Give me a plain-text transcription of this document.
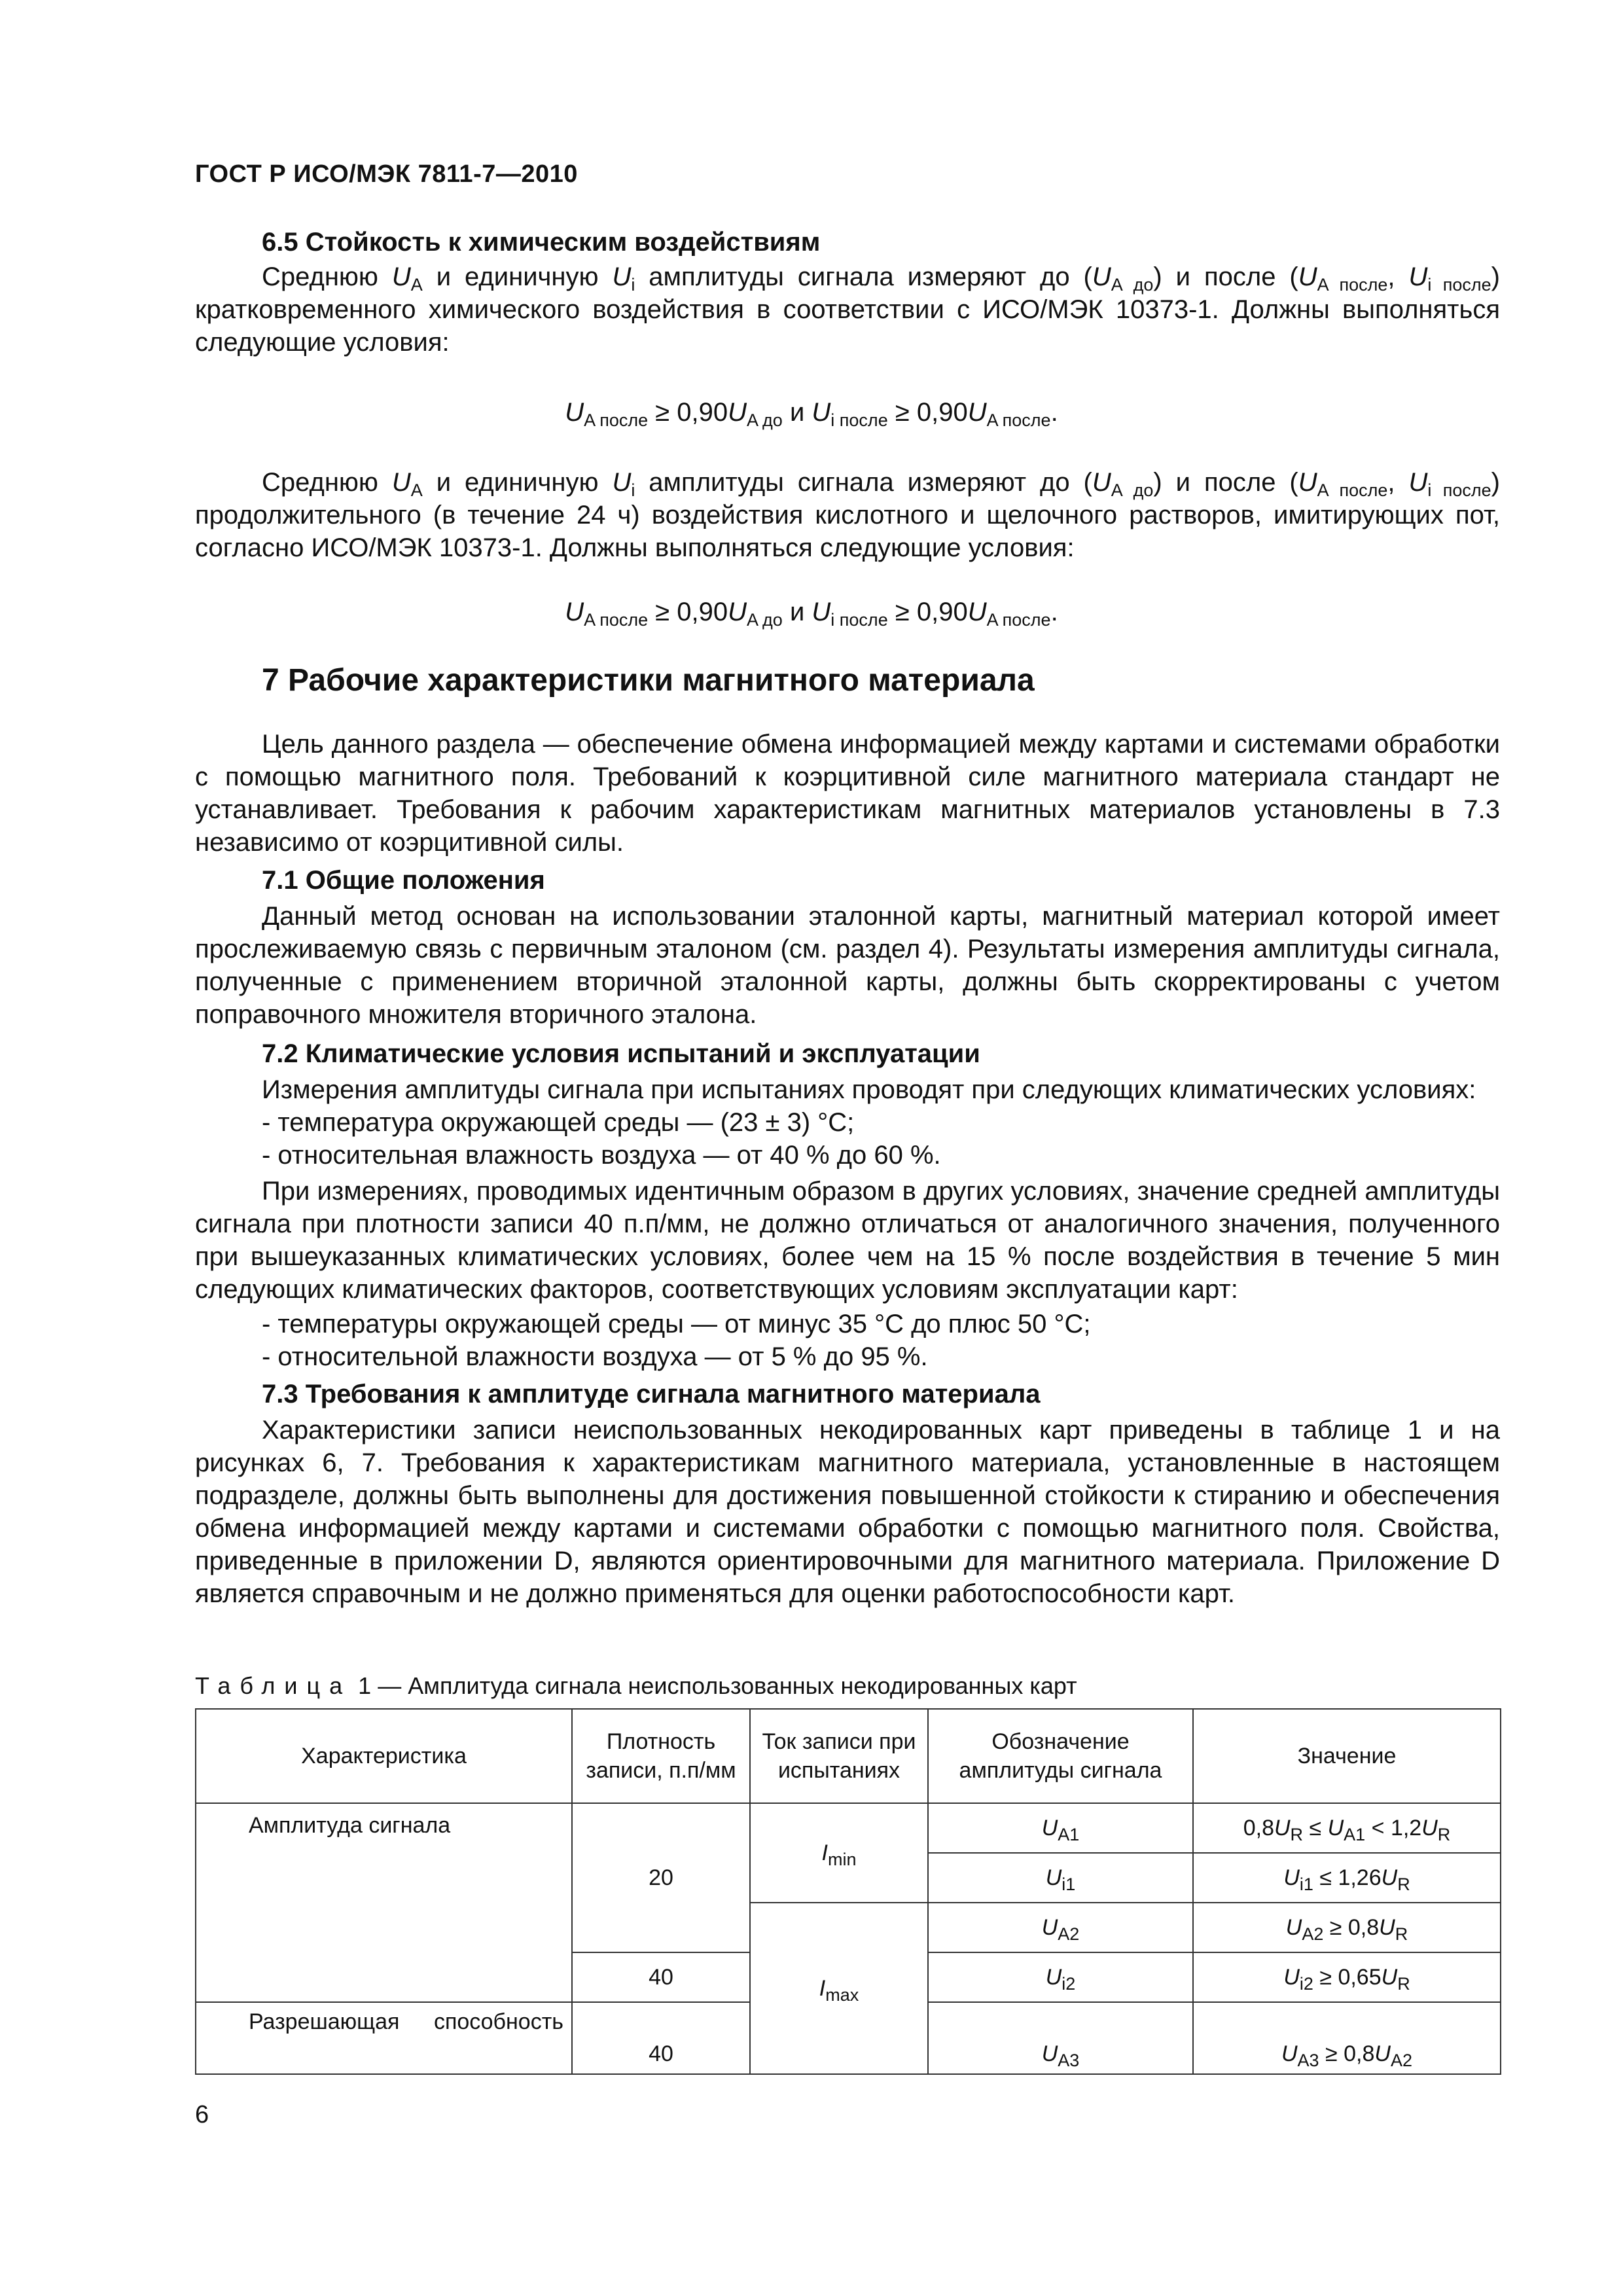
ГОСТ Р ИСО/МЭК 7811-7—2010
6.5 Стойкость к химическим воздействиям
Среднюю $U_A$ и единичную $U_i$ амплитуды сигнала измеряют до $(U_{A до})$ и после ($U_{A после}$, $U_{i после}$) кратковременного химического воздействия в соответствии с ИСО/МЭК 10373-1. Должны выполняться следующие условия:
$U_{A после} \ge 0,90U_{A до}$ и $U_{i после} \ge 0,90U_{A после}$.
Среднюю $U_A$ и единичную $U_i$ амплитуды сигнала измеряют до $(U_{A до})$ и после ($U_{A после}$, $U_{i после}$) продолжительного (в течение 24 ч) воздействия кислотного и щелочного растворов, имитирующих пот, согласно ИСО/МЭК 10373-1. Должны выполняться следующие условия:
$U_{A после} \ge 0,90U_{A до}$ и $U_{i после} \ge 0,90U_{A после}$.
7 Рабочие характеристики магнитного материала
Цель данного раздела — обеспечение обмена информацией между картами и системами обработки с помощью магнитного поля. Требований к коэрцитивной силе магнитного материала стандарт не устанавливает. Требования к рабочим характеристикам магнитных материалов установлены в 7.3 независимо от коэрцитивной силы.
7.1 Общие положения
Данный метод основан на использовании эталонной карты, магнитный материал которой имеет прослеживаемую связь с первичным эталоном (см. раздел 4). Результаты измерения амплитуды сигнала, полученные с применением вторичной эталонной карты, должны быть скорректированы с учетом поправочного множителя вторичного эталона.
7.2 Климатические условия испытаний и эксплуатации
Измерения амплитуды сигнала при испытаниях проводят при следующих климатических условиях:
- температура окружающей среды — (23 ± 3) °С;
- относительная влажность воздуха — от 40 % до 60 %.
При измерениях, проводимых идентичным образом в других условиях, значение средней амплитуды сигнала при плотности записи 40 п.п/мм, не должно отличаться от аналогичного значения, полученного при вышеуказанных климатических условиях, более чем на 15 % после воздействия в течение 5 мин следующих климатических факторов, соответствующих условиям эксплуатации карт:
- температуры окружающей среды — от минус 35 °С до плюс 50 °С;
- относительной влажности воздуха — от 5 % до 95 %.
7.3 Требования к амплитуде сигнала магнитного материала
Характеристики записи неиспользованных некодированных карт приведены в таблице 1 и на рисунках 6, 7. Требования к характеристикам магнитного материала, установленные в настоящем подразделе, должны быть выполнены для достижения повышенной стойкости к стиранию и обеспечения обмена информацией между картами и системами обработки с помощью магнитного поля. Свойства, приведенные в приложении D, являются ориентировочными для магнитного материала. Приложение D является справочным и не должно применяться для оценки работоспособности карт.
Таблица 1 — Амплитуда сигнала неиспользованных некодированных карт
Характеристика	Плотность записи, п.п/мм	Ток записи при испытаниях	Обозначение амплитуды сигнала	Значение
Амплитуда сигнала	20	$I_{min}$	$U_{A1}$	$0,8U_R \le U_{A1} < 1,2U_R$
			$U_{i1}$	$U_{i1} \le 1,26U_R$
		$I_{max}$	$U_{A2}$	$U_{A2} \ge 0,8U_R$
	40		$U_{i2}$	$U_{i2} \ge 0,65U_R$
Разрешающая способность	40		$U_{A3}$	$U_{A3} \ge 0,8U_{A2}$
6
